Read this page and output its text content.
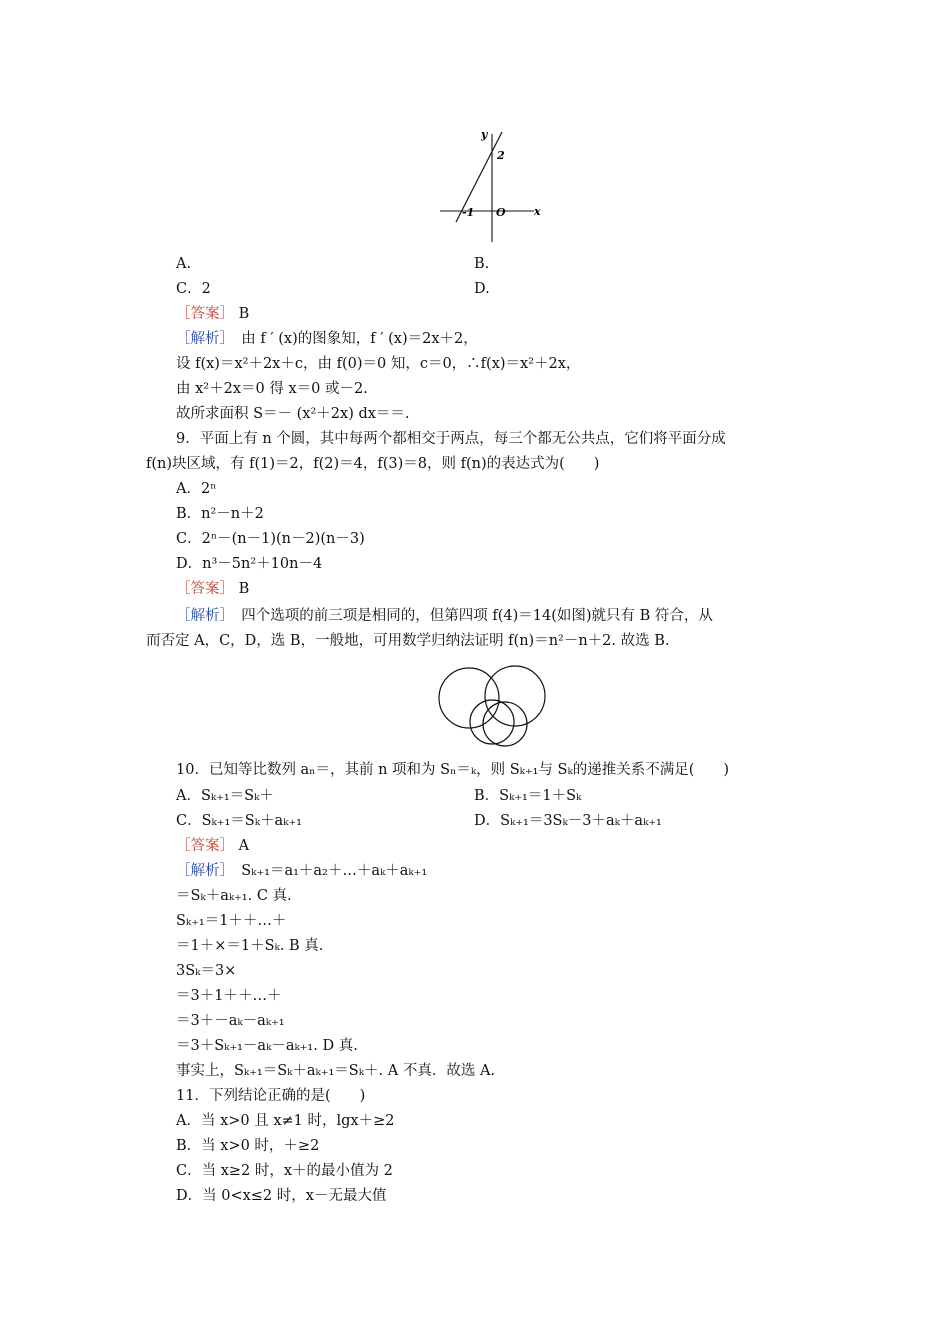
y
x
2
-1 O
A.	B.
C．2	D.
［答案］ B
［解析］　 由 f ′ (x)的图象知，f ′ (x)＝2x＋2，
设 f(x)＝x²＋2x＋c，由 f(0)＝0 知，c＝0，∴f(x)＝x²＋2x，
由 x²＋2x＝0 得 x＝0 或－2.
故所求面积 S＝－ (x²＋2x) dx＝＝.
9．平面上有 n 个圆，其中每两个都相交于两点，每三个都无公共点，它们将平面分成
f(n)块区域，有 f(1)＝2，f(2)＝4，f(3)＝8，则 f(n)的表达式为(　　)
A．2ⁿ
B．n²－n＋2
C．2ⁿ－(n－1)(n－2)(n－3)
D．n³－5n²＋10n－4
［答案］ B
［解析］　 四个选项的前三项是相同的，但第四项 f(4)＝14(如图)就只有 B 符合，从
而否定 A，C，D，选 B，一般地，可用数学归纳法证明 f(n)＝n²－n＋2. 故选 B.
10．已知等比数列 aₙ＝，其前 n 项和为 Sₙ＝ₖ，则 Sₖ₊₁与 Sₖ的递推关系不满足(　　)
A．Sₖ₊₁＝Sₖ＋	B．Sₖ₊₁＝1＋Sₖ
C．Sₖ₊₁＝Sₖ＋aₖ₊₁	D．Sₖ₊₁＝3Sₖ－3＋aₖ＋aₖ₊₁
［答案］ A
［解析］　 Sₖ₊₁＝a₁＋a₂＋…＋aₖ＋aₖ₊₁
＝Sₖ＋aₖ₊₁. C 真.
Sₖ₊₁＝1＋＋…＋
＝1＋×＝1＋Sₖ. B 真.
3Sₖ＝3×
＝3＋1＋＋…＋
＝3＋－aₖ－aₖ₊₁
＝3＋Sₖ₊₁－aₖ－aₖ₊₁. D 真.
事实上，Sₖ₊₁＝Sₖ＋aₖ₊₁＝Sₖ＋. A 不真．故选 A.
11．下列结论正确的是(　　)
A．当 x>0 且 x≠1 时，lgx＋≥2
B．当 x>0 时，＋≥2
C．当 x≥2 时，x＋的最小值为 2
D．当 0<x≤2 时，x－无最大值
